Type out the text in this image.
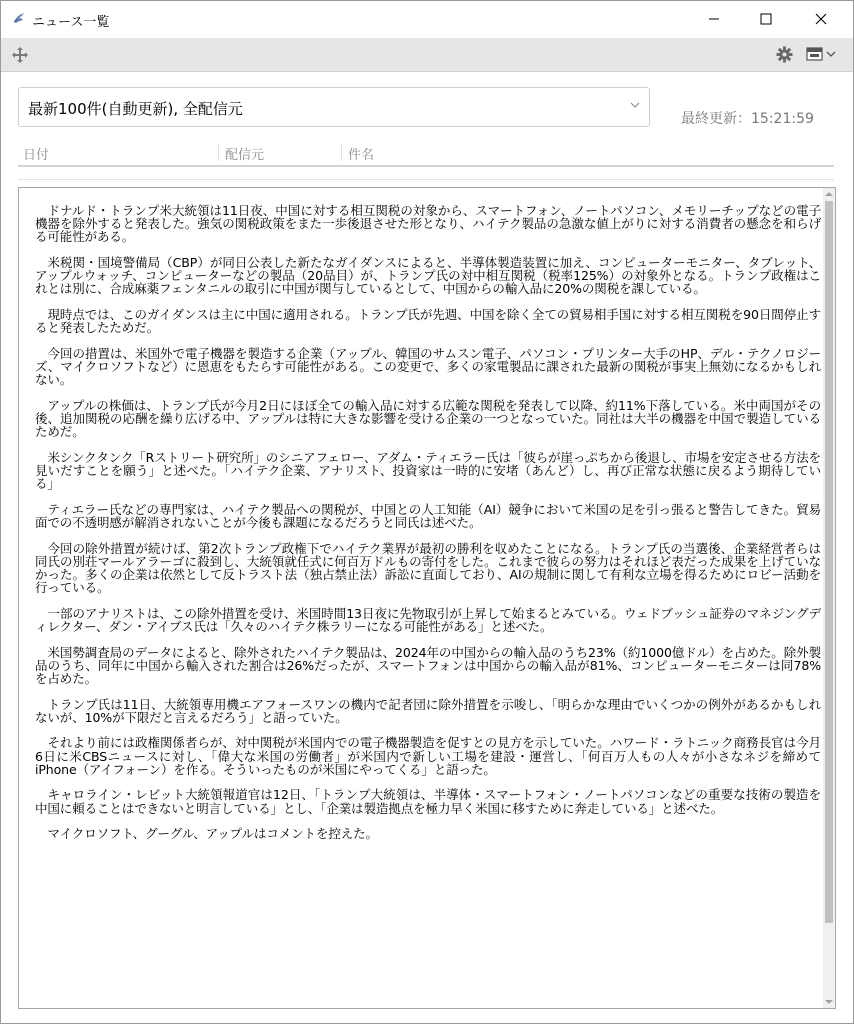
ニュース一覧
最新100件(自動更新), 全配信元
最終更新：15:21:59
日付	配信元	件名

ドナルド・トランプ米大統領は11日夜、中国に対する相互関税の対象から、スマートフォン、ノートパソコン、メモリーチップなどの電子機器を除外すると発表した。強気の関税政策をまた一歩後退させた形となり、ハイテク製品の急激な値上がりに対する消費者の懸念を和らげる可能性がある。

米税関・国境警備局（CBP）が同日公表した新たなガイダンスによると、半導体製造装置に加え、コンピューターモニター、タブレット、アップルウォッチ、コンピューターなどの製品（20品目）が、トランプ氏の対中相互関税（税率125%）の対象外となる。トランプ政権はこれとは別に、合成麻薬フェンタニルの取引に中国が関与しているとして、中国からの輸入品に20%の関税を課している。

現時点では、このガイダンスは主に中国に適用される。トランプ氏が先週、中国を除く全ての貿易相手国に対する相互関税を90日間停止すると発表したためだ。

今回の措置は、米国外で電子機器を製造する企業（アップル、韓国のサムスン電子、パソコン・プリンター大手のHP、デル・テクノロジーズ、マイクロソフトなど）に恩恵をもたらす可能性がある。この変更で、多くの家電製品に課された最新の関税が事実上無効になるかもしれない。

アップルの株価は、トランプ氏が今月2日にほぼ全ての輸入品に対する広範な関税を発表して以降、約11%下落している。米中両国がその後、追加関税の応酬を繰り広げる中、アップルは特に大きな影響を受ける企業の一つとなっていた。同社は大半の機器を中国で製造しているためだ。

米シンクタンク「Rストリート研究所」のシニアフェロー、アダム・ティエラー氏は「彼らが崖っぷちから後退し、市場を安定させる方法を見いだすことを願う」と述べた。「ハイテク企業、アナリスト、投資家は一時的に安堵（あんど）し、再び正常な状態に戻るよう期待している」

ティエラー氏などの専門家は、ハイテク製品への関税が、中国との人工知能（AI）競争において米国の足を引っ張ると警告してきた。貿易面での不透明感が解消されないことが今後も課題になるだろうと同氏は述べた。

今回の除外措置が続けば、第2次トランプ政権下でハイテク業界が最初の勝利を収めたことになる。トランプ氏の当選後、企業経営者らは同氏の別荘マールアラーゴに殺到し、大統領就任式に何百万ドルもの寄付をした。これまで彼らの努力はそれほど表だった成果を上げていなかった。多くの企業は依然として反トラスト法（独占禁止法）訴訟に直面しており、AIの規制に関して有利な立場を得るためにロビー活動を行っている。

一部のアナリストは、この除外措置を受け、米国時間13日夜に先物取引が上昇して始まるとみている。ウェドブッシュ証券のマネジングディレクター、ダン・アイブス氏は「久々のハイテク株ラリーになる可能性がある」と述べた。

米国勢調査局のデータによると、除外されたハイテク製品は、2024年の中国からの輸入品のうち23%（約1000億ドル）を占めた。除外製品のうち、同年に中国から輸入された割合は26%だったが、スマートフォンは中国からの輸入品が81%、コンピューターモニターは同78%を占めた。

トランプ氏は11日、大統領専用機エアフォースワンの機内で記者団に除外措置を示唆し、「明らかな理由でいくつかの例外があるかもしれないが、10%が下限だと言えるだろう」と語っていた。

それより前には政権関係者らが、対中関税が米国内での電子機器製造を促すとの見方を示していた。ハワード・ラトニック商務長官は今月6日に米CBSニュースに対し、「偉大な米国の労働者」が米国内で新しい工場を建設・運営し、「何百万人もの人々が小さなネジを締めてiPhone（アイフォーン）を作る。そういったものが米国にやってくる」と語った。

キャロライン・レビット大統領報道官は12日、「トランプ大統領は、半導体・スマートフォン・ノートパソコンなどの重要な技術の製造を中国に頼ることはできないと明言している」とし、「企業は製造拠点を極力早く米国に移すために奔走している」と述べた。

マイクロソフト、グーグル、アップルはコメントを控えた。
